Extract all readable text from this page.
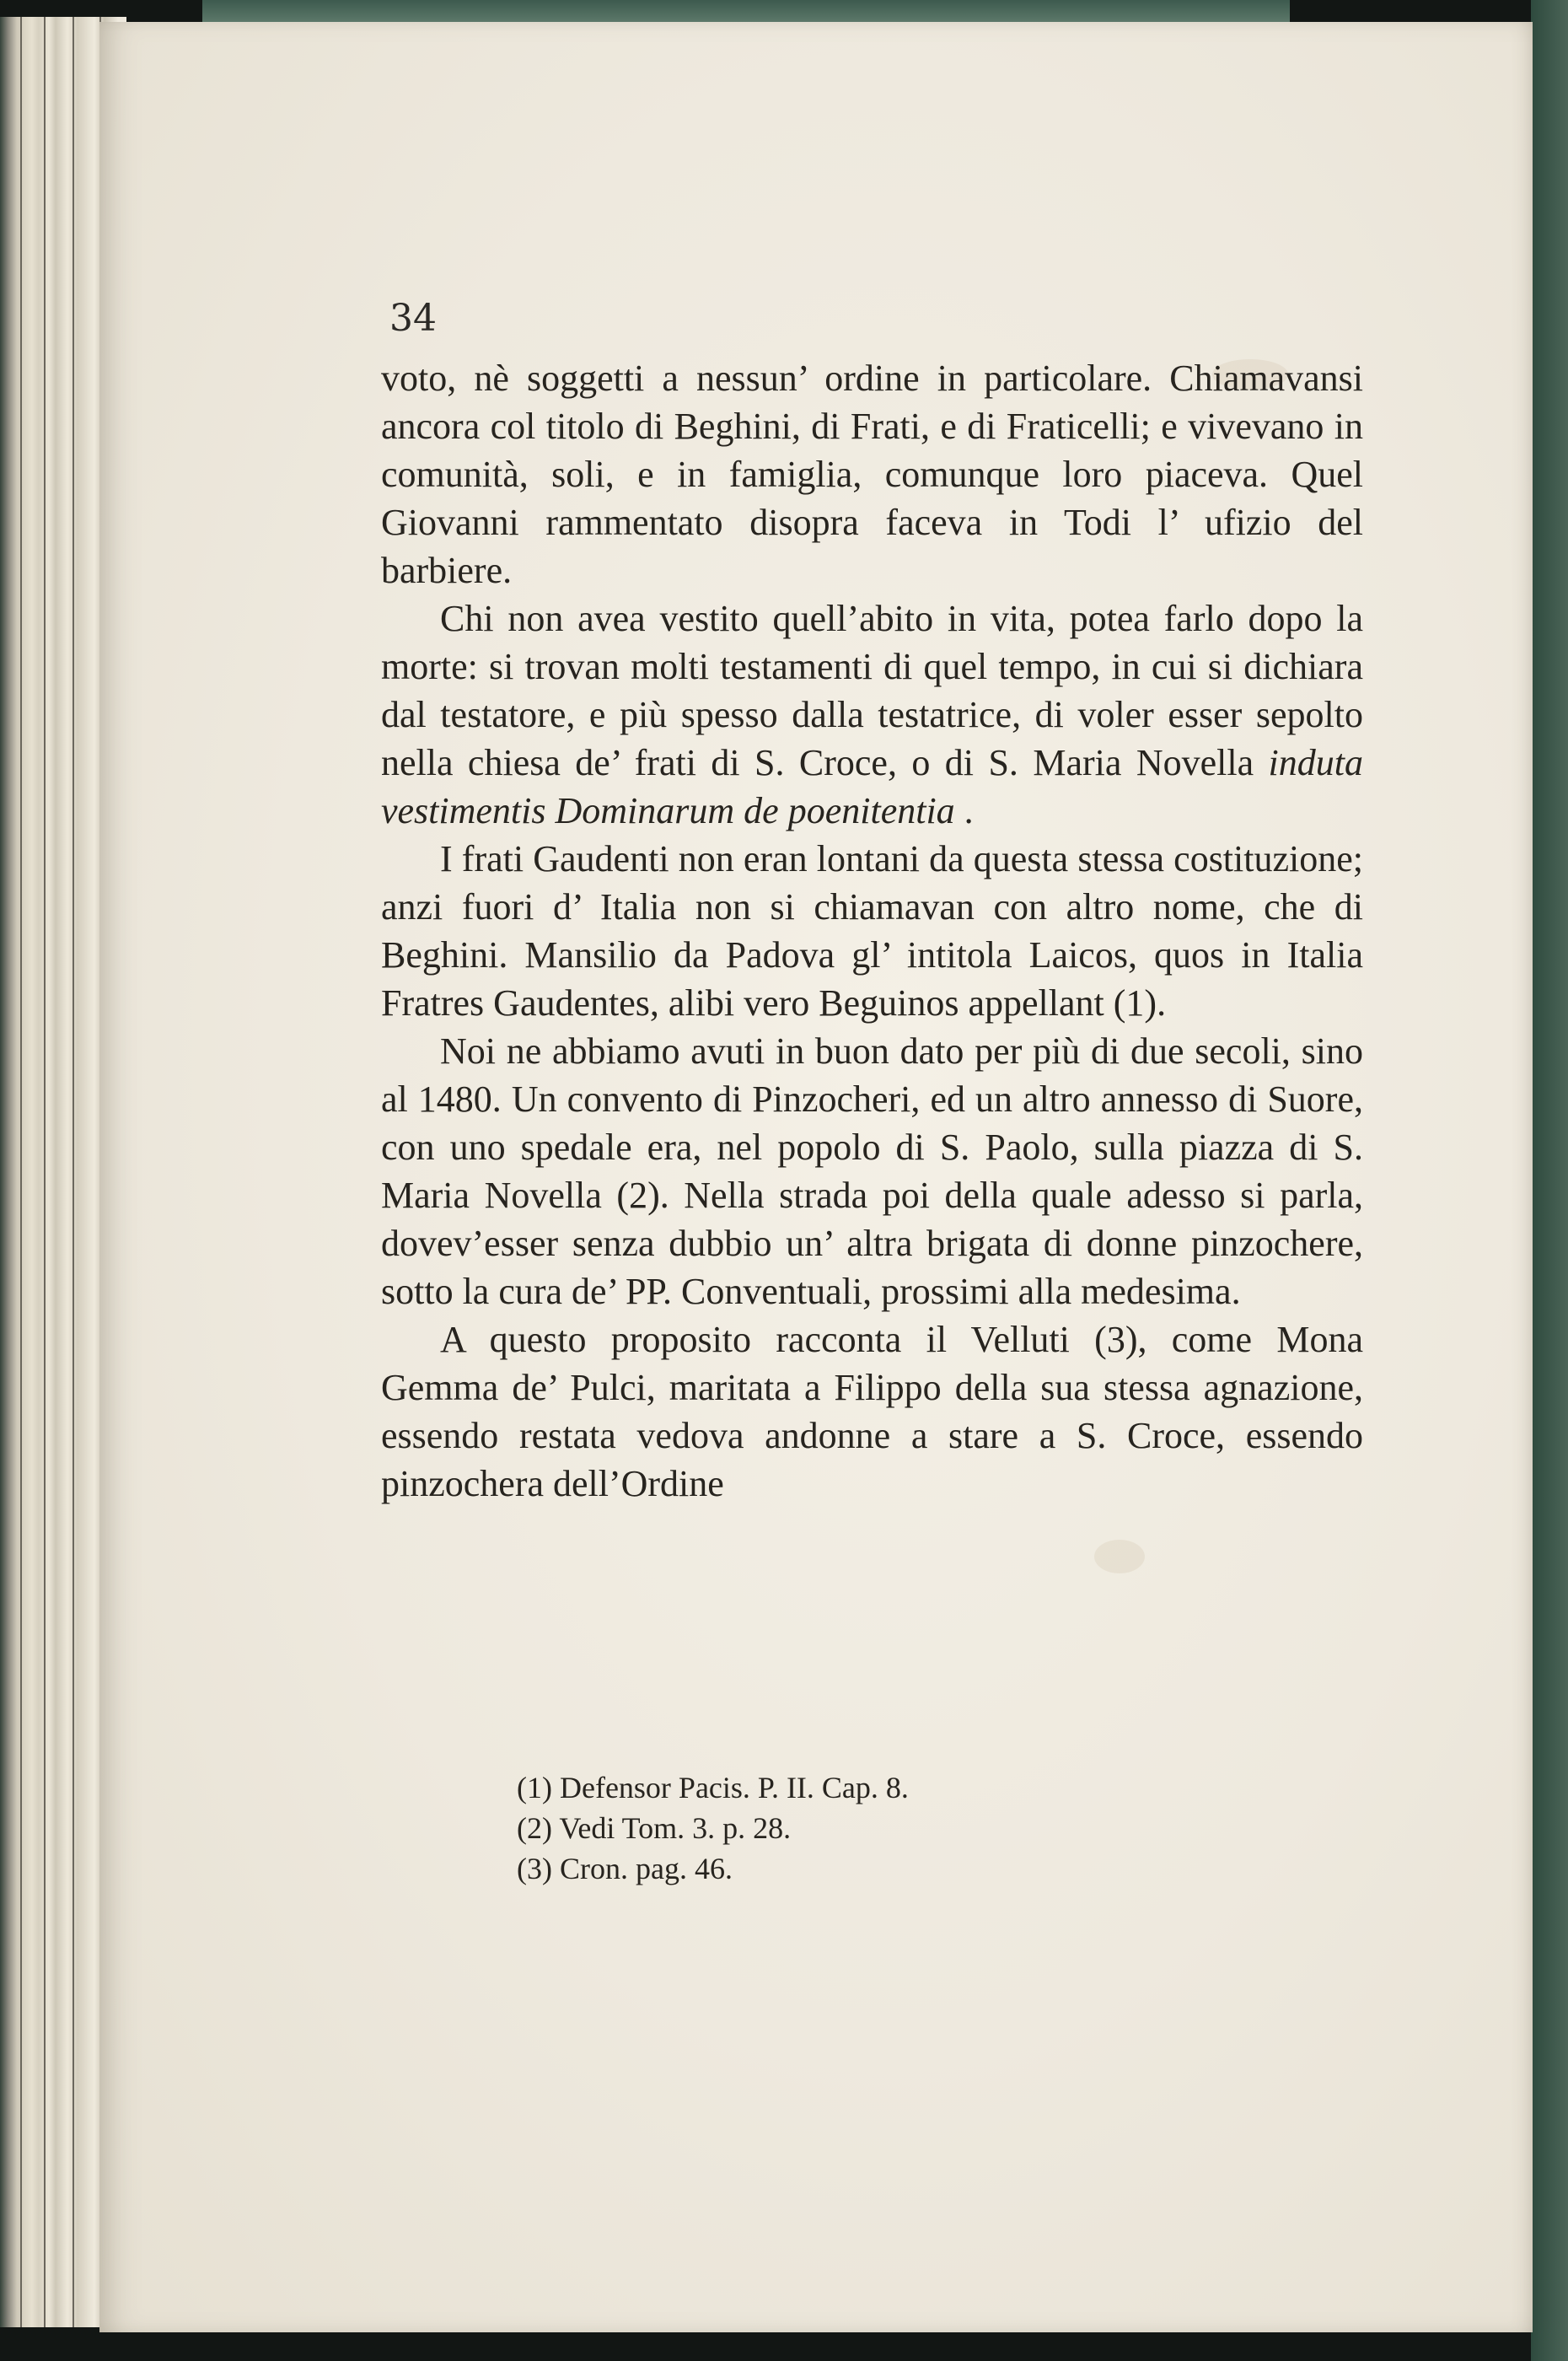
34

voto, nè soggetti a nessun’ ordine in particolare. Chiamavansi ancora col titolo di Beghini, di Frati, e di Fraticelli; e vivevano in comunità, soli, e in famiglia, comunque loro piaceva. Quel Giovanni rammentato disopra faceva in Todi l’ ufizio del barbiere.

Chi non avea vestito quell’abito in vita, potea farlo dopo la morte: si trovan molti testamenti di quel tempo, in cui si dichiara dal testatore, e più spesso dalla testatrice, di voler esser sepolto nella chiesa de’ frati di S. Croce, o di S. Maria Novella induta vestimentis Dominarum de poenitentia .

I frati Gaudenti non eran lontani da questa stessa costituzione; anzi fuori d’ Italia non si chiamavan con altro nome, che di Beghini. Mansilio da Padova gl’ intitola Laicos, quos in Italia Fratres Gaudentes, alibi vero Beguinos appellant (1).

Noi ne abbiamo avuti in buon dato per più di due secoli, sino al 1480. Un convento di Pinzocheri, ed un altro annesso di Suore, con uno spedale era, nel popolo di S. Paolo, sulla piazza di S. Maria Novella (2). Nella strada poi della quale adesso si parla, dovev’esser senza dubbio un’ altra brigata di donne pinzochere, sotto la cura de’ PP. Conventuali, prossimi alla medesima.

A questo proposito racconta il Velluti (3), come Mona Gemma de’ Pulci, maritata a Filippo della sua stessa agnazione, essendo restata vedova andonne a stare a S. Croce, essendo pinzochera dell’Ordine

(1) Defensor Pacis. P. II. Cap. 8.
(2) Vedi Tom. 3. p. 28.
(3) Cron. pag. 46.
